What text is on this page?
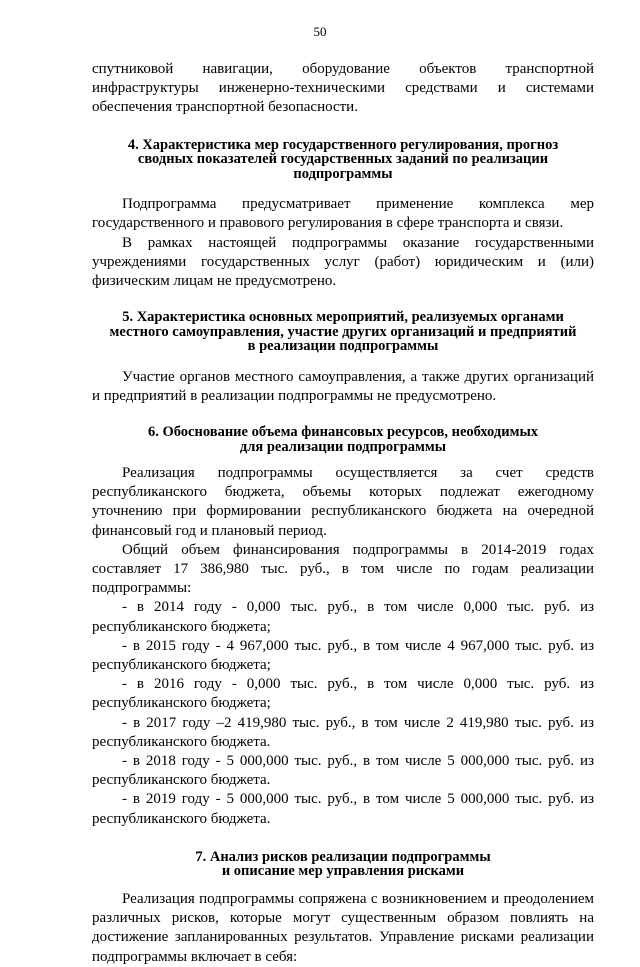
50

спутниковой навигации, оборудование объектов транспортной инфраструктуры инженерно-техническими средствами и системами обеспечения транспортной безопасности.

4. Характеристика мер государственного регулирования, прогноз
сводных показателей государственных заданий по реализации
подпрограммы

Подпрограмма предусматривает применение комплекса мер государственного и правового регулирования в сфере транспорта и связи.

В рамках настоящей подпрограммы оказание государственными учреждениями государственных услуг (работ) юридическим и (или) физическим лицам не предусмотрено.

5. Характеристика основных мероприятий, реализуемых органами
местного самоуправления, участие других организаций и предприятий
в реализации подпрограммы

Участие органов местного самоуправления, а также других организаций и предприятий в реализации подпрограммы не предусмотрено.

6. Обоснование объема финансовых ресурсов, необходимых
для реализации подпрограммы

Реализация подпрограммы осуществляется за счет средств республиканского бюджета, объемы которых подлежат ежегодному уточнению при формировании республиканского бюджета на очередной финансовый год и плановый период.

Общий объем финансирования подпрограммы в 2014-2019 годах составляет 17 386,980 тыс. руб., в том числе по годам реализации подпрограммы:

- в 2014 году - 0,000 тыс. руб., в том числе 0,000 тыс. руб. из республиканского бюджета;
- в 2015 году - 4 967,000 тыс. руб., в том числе 4 967,000 тыс. руб. из республиканского бюджета;
- в 2016 году - 0,000 тыс. руб., в том числе 0,000 тыс. руб. из республиканского бюджета;
- в 2017 году –2 419,980 тыс. руб., в том числе 2 419,980 тыс. руб. из республиканского бюджета.
- в 2018 году - 5 000,000 тыс. руб., в том числе 5 000,000 тыс. руб. из республиканского бюджета.
- в 2019 году - 5 000,000 тыс. руб., в том числе 5 000,000 тыс. руб. из республиканского бюджета.
7. Анализ рисков реализации подпрограммы
и описание мер управления рисками

Реализация подпрограммы сопряжена с возникновением и преодолением различных рисков, которые могут существенным образом повлиять на достижение запланированных результатов. Управление рисками реализации подпрограммы включает в себя:
